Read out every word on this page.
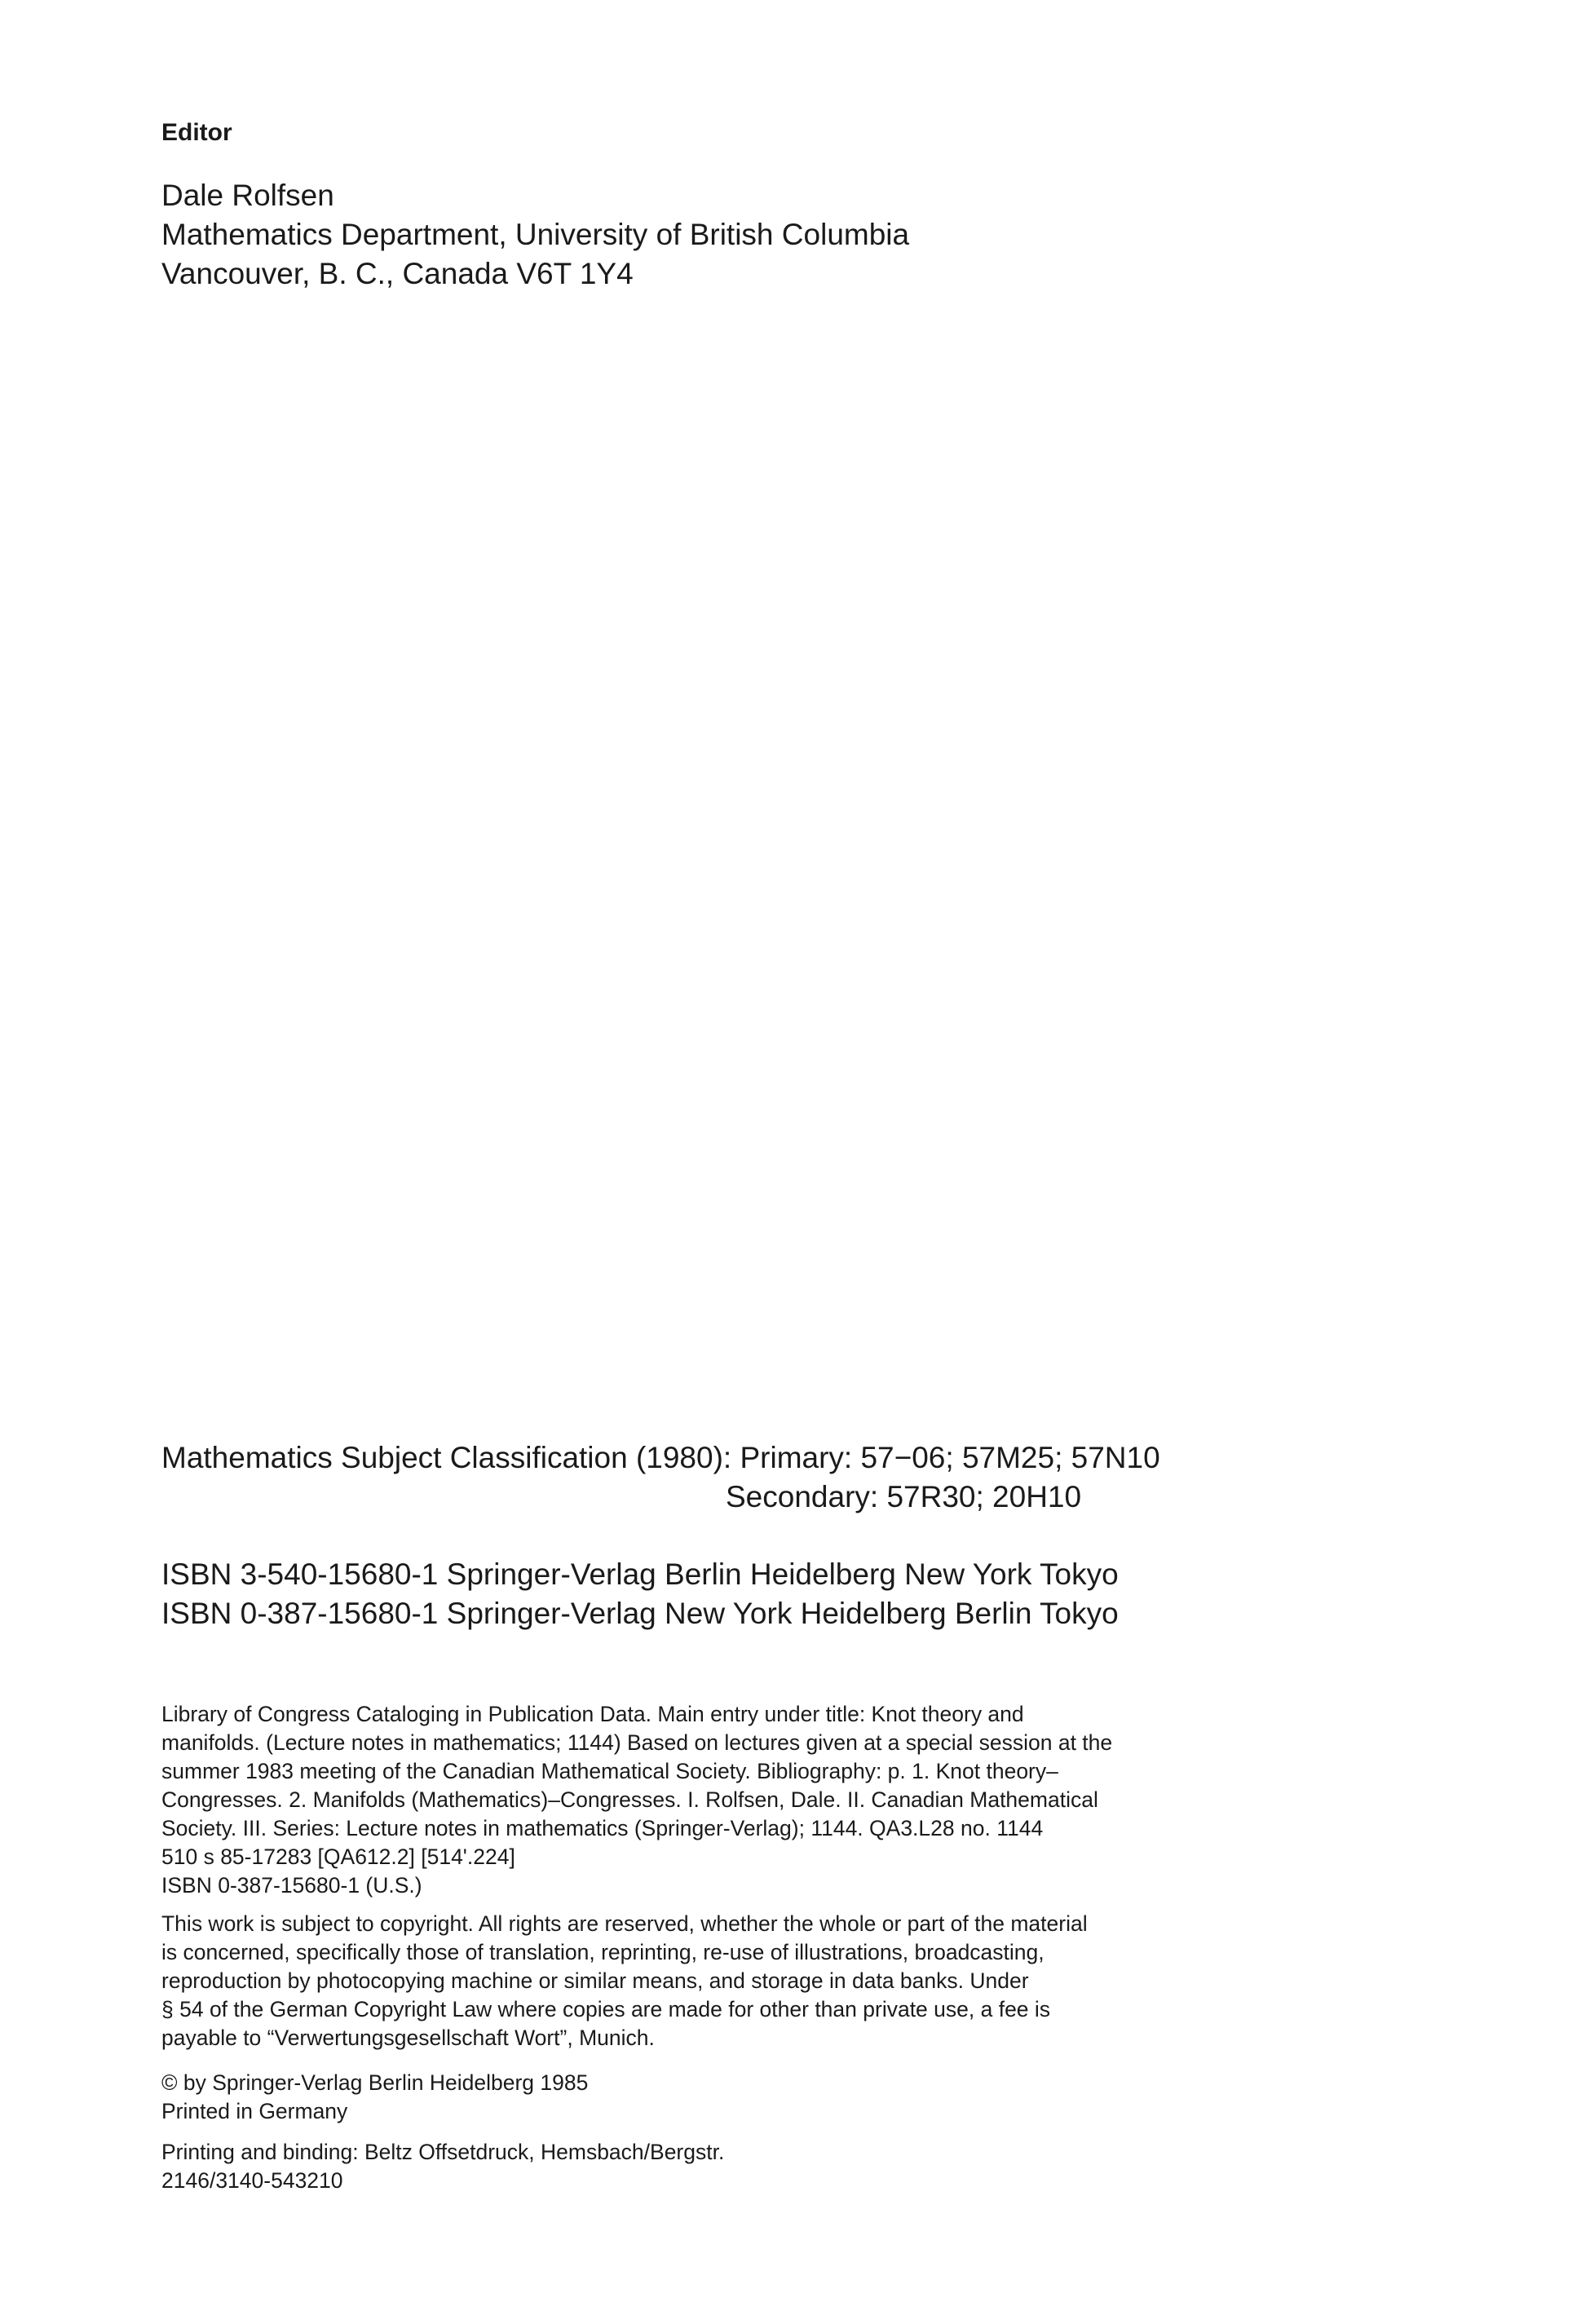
Editor

Dale Rolfsen
Mathematics Department, University of British Columbia
Vancouver, B. C., Canada V6T 1Y4
Mathematics Subject Classification (1980): Primary: 57−06; 57M25; 57N10
Secondary: 57R30; 20H10
ISBN 3-540-15680-1 Springer-Verlag Berlin Heidelberg New York Tokyo
ISBN 0-387-15680-1 Springer-Verlag New York Heidelberg Berlin Tokyo
Library of Congress Cataloging in Publication Data. Main entry under title: Knot theory and
manifolds. (Lecture notes in mathematics; 1144) Based on lectures given at a special session at the
summer 1983 meeting of the Canadian Mathematical Society. Bibliography: p. 1. Knot theory–
Congresses. 2. Manifolds (Mathematics)–Congresses. I. Rolfsen, Dale. II. Canadian Mathematical
Society. III. Series: Lecture notes in mathematics (Springer-Verlag); 1144. QA3.L28 no. 1144
510 s 85-17283 [QA612.2] [514'.224]
ISBN 0-387-15680-1 (U.S.)
This work is subject to copyright. All rights are reserved, whether the whole or part of the material
is concerned, specifically those of translation, reprinting, re-use of illustrations, broadcasting,
reproduction by photocopying machine or similar means, and storage in data banks. Under
§ 54 of the German Copyright Law where copies are made for other than private use, a fee is
payable to “Verwertungsgesellschaft Wort”, Munich.
© by Springer-Verlag Berlin Heidelberg 1985
Printed in Germany
Printing and binding: Beltz Offsetdruck, Hemsbach/Bergstr.
2146/3140-543210
